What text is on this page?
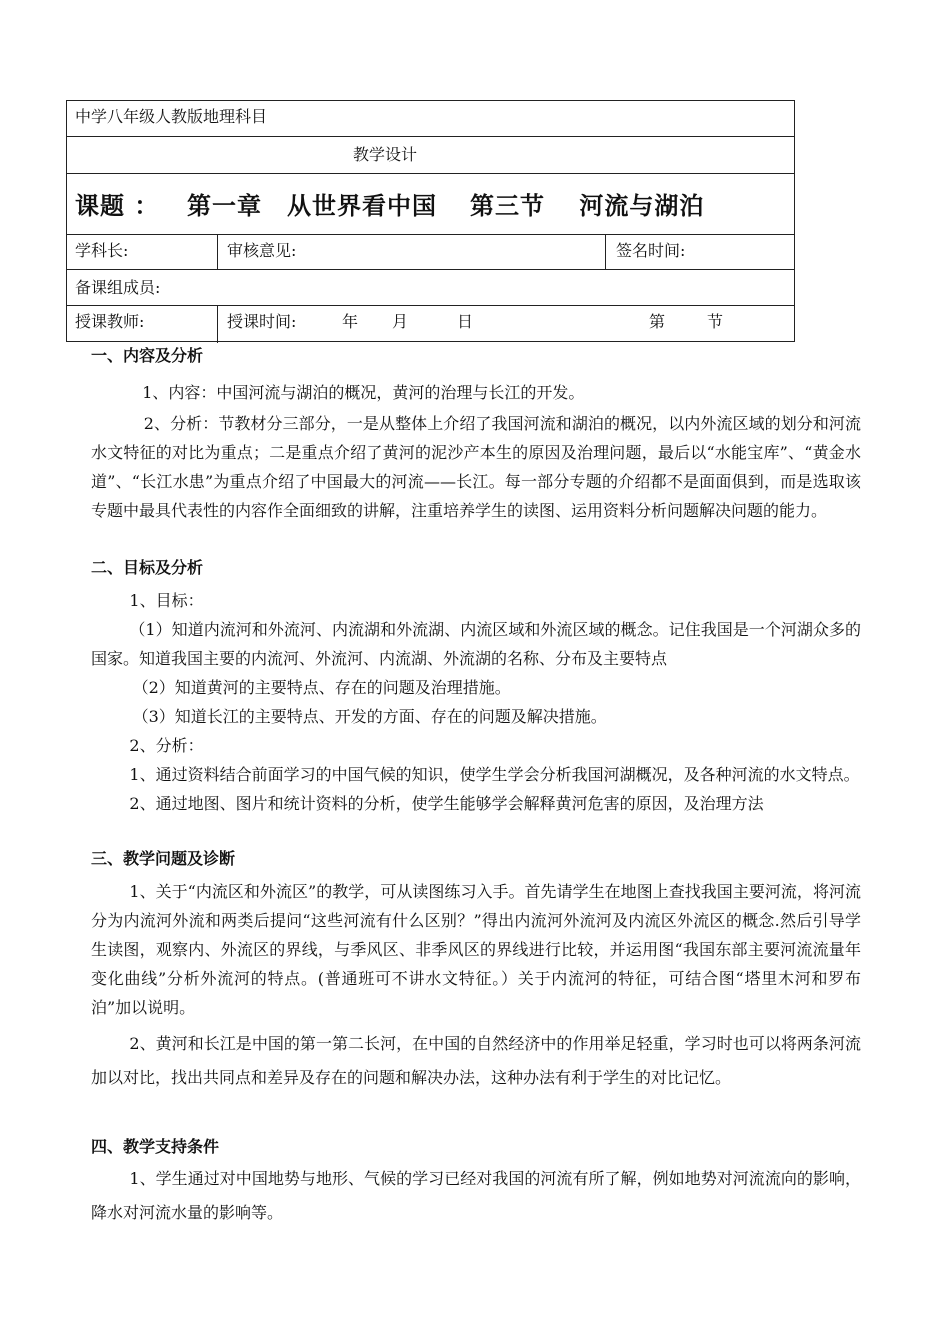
中学八年级人教版地理科目
教学设计
课题 ： 第一章　从世界看中国 第三节　 河流与湖泊
学科长:	审核意见:	签名时间:
备课组成员:
授课教师:	授课时间:	年 月	日	第	节

一、内容及分析

1、内容：中国河流与湖泊的概况，黄河的治理与长江的开发。

2、分析：节教材分三部分，一是从整体上介绍了我国河流和湖泊的概况，以内外流区域的划分和河流水文特征的对比为重点；二是重点介绍了黄河的泥沙产本生的原因及治理问题，最后以“水能宝库”、“黄金水道”、“长江水患”为重点介绍了中国最大的河流——长江。每一部分专题的介绍都不是面面俱到，而是选取该专题中最具代表性的内容作全面细致的讲解，注重培养学生的读图、运用资料分析问题解决问题的能力。

二、目标及分析

1、目标：

（1）知道内流河和外流河、内流湖和外流湖、内流区域和外流区域的概念。记住我国是一个河湖众多的国家。知道我国主要的内流河、外流河、内流湖、外流湖的名称、分布及主要特点

（2）知道黄河的主要特点、存在的问题及治理措施。

（3）知道长江的主要特点、开发的方面、存在的问题及解决措施。

2、分析：

1、通过资料结合前面学习的中国气候的知识，使学生学会分析我国河湖概况，及各种河流的水文特点。

2、通过地图、图片和统计资料的分析，使学生能够学会解释黄河危害的原因，及治理方法

三、教学问题及诊断

1、关于“内流区和外流区”的教学，可从读图练习入手。首先请学生在地图上查找我国主要河流，将河流分为内流河外流和两类后提问“这些河流有什么区别？”得出内流河外流河及内流区外流区的概念.然后引导学生读图，观察内、外流区的界线，与季风区、非季风区的界线进行比较，并运用图“我国东部主要河流流量年变化曲线”分析外流河的特点。(普通班可不讲水文特征。）关于内流河的特征，可结合图“塔里木河和罗布泊”加以说明。

2、黄河和长江是中国的第一第二长河，在中国的自然经济中的作用举足轻重，学习时也可以将两条河流加以对比，找出共同点和差异及存在的问题和解决办法，这种办法有利于学生的对比记忆。

四、教学支持条件

1、学生通过对中国地势与地形、气候的学习已经对我国的河流有所了解，例如地势对河流流向的影响，降水对河流水量的影响等。
